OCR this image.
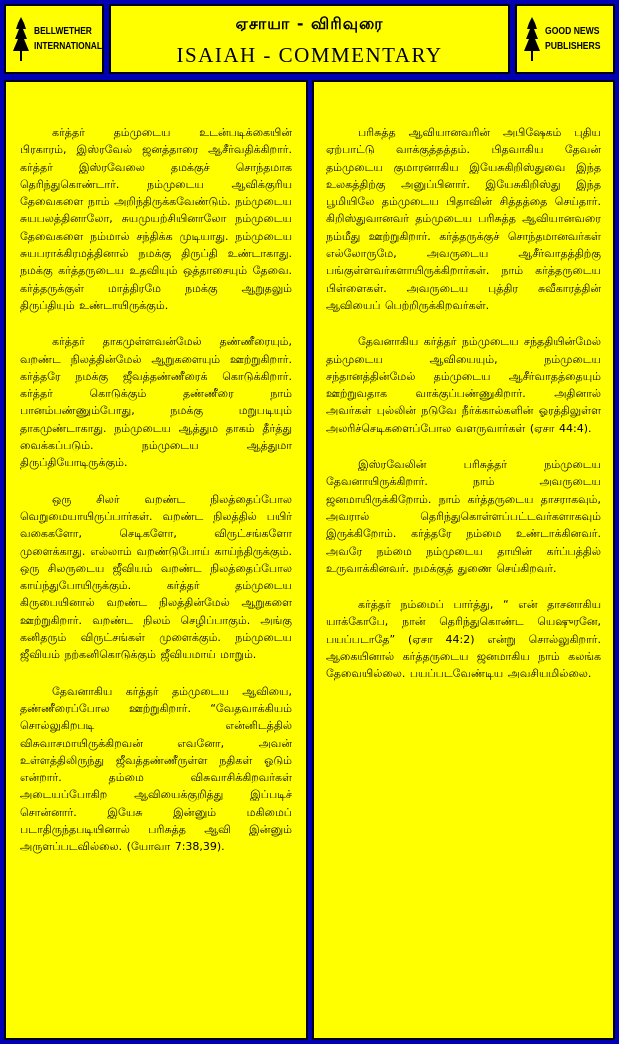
BELLWETHER
INTERNATIONAL
ஏசாயா - விரிவுரை
ISAIAH - COMMENTARY
GOOD NEWS
PUBLISHERS

கர்த்தர் தம்முடைய உடன்படிக்கையின் பிரகாரம், இஸ்ரவேல் ஜனத்தாரை ஆசீர்வதிக்கிறார். கர்த்தர் இஸ்ரவேலை தமக்குச் சொந்தமாக தெரிந்துகொண்டார். நம்முடைய ஆவிக்குரிய தேவைகளை நாம் அறிந்திருக்கவேண்டும். நம்முடைய சுயபலத்தினாலோ, சுயமுயற்சியினாலோ நம்முடைய தேவைகளை நம்மால் சந்திக்க முடியாது. நம்முடைய சுயபராக்கிரமத்தினால் நமக்கு திருப்தி உண்டாகாது. நமக்கு கர்த்தருடைய உதவியும் ஒத்தாசையும் தேவை. கர்த்தருக்குள் மாத்திரமே நமக்கு ஆறுதலும் திருப்தியும் உண்டாயிருக்கும்.

கர்த்தர் தாகமுள்ளவன்மேல் தண்ணீரையும், வறண்ட நிலத்தின்மேல் ஆறுகளையும் ஊற்றுகிறார். கர்த்தரே நமக்கு ஜீவத்தண்ணீரைக் கொடுக்கிறார். கர்த்தர் கொடுக்கும் தண்ணீரை நாம் பானம்பண்ணும்போது, நமக்கு மறுபடியும் தாகமுண்டாகாது. நம்முடைய ஆத்தும தாகம் தீர்த்து வைக்கப்படும். நம்முடைய ஆத்துமா திருப்தியோடிருக்கும்.

ஒரு சிலர் வறண்ட நிலத்தைப்போல வெறுமையாயிருப்பார்கள். வறண்ட நிலத்தில் பயிர் வகைகளோ, செடிகளோ, விருட்சங்களோ முளைக்காது. எல்லாம் வறண்டுபோய் காய்ந்திருக்கும். ஒரு சிலருடைய ஜீவியம் வறண்ட நிலத்தைப்போல காய்ந்துபோயிருக்கும். கர்த்தர் தம்முடைய கிருபையினால் வறண்ட நிலத்தின்மேல் ஆறுகளை ஊற்றுகிறார். வறண்ட நிலம் செழிப்பாகும். அங்கு கனிதரும் விருட்சங்கள் முளைக்கும். நம்முடைய ஜீவியம் நற்கனிகொடுக்கும் ஜீவியமாய் மாறும்.

தேவனாகிய கர்த்தர் தம்முடைய ஆவியை, தண்ணீரைப்போல ஊற்றுகிறார். “வேதவாக்கியம் சொல்லுகிறபடி என்னிடத்தில் விசுவாசமாயிருக்கிறவன் எவனோ, அவன் உள்ளத்திலிருந்து ஜீவத்தண்ணீருள்ள நதிகள் ஓடும் என்றார். தம்மை விசுவாசிக்கிறவர்கள் அடையப்போகிற ஆவியைக்குறித்து இப்படிச் சொன்னார். இயேசு இன்னும் மகிமைப் படாதிருந்தபடியினால் பரிசுத்த ஆவி இன்னும் அருளப்படவில்லை. (யோவா 7:38,39).

பரிசுத்த ஆவியானவரின் அபிஷேகம் புதிய ஏற்பாட்டு வாக்குத்தத்தம். பிதவாகிய தேவன் தம்முடைய குமாரனாகிய இயேசுகிறிஸ்துவை இந்த உலகத்திற்கு அனுப்பினார். இயேசுகிறிஸ்து இந்த பூமியிலே தம்முடைய பிதாவின் சித்தத்தை செய்தார். கிறிஸ்துவானவர் தம்முடைய பரிசுத்த ஆவியானவரை நம்மீது ஊற்றுகிறார். கர்த்தருக்குச் சொந்தமானவர்கள் எல்லோருமே, அவருடைய ஆசீர்வாதத்திற்கு பங்குள்ளவர்களாயிருக்கிறார்கள். நாம் கர்த்தருடைய பிள்ளைகள். அவருடைய புத்திர சுவீகாரத்தின் ஆவியைப் பெற்றிருக்கிறவர்கள்.

தேவனாகிய கர்த்தர் நம்முடைய சந்ததியின்மேல் தம்முடைய ஆவியையும், நம்முடைய சந்தானத்தின்மேல் தம்முடைய ஆசீர்வாதத்தையும் ஊற்றுவதாக வாக்குப்பண்ணுகிறார். அதினால் அவர்கள் புல்லின் நடுவே நீர்க்கால்களின் ஓரத்திலுள்ள அலரிச்செடிகளைப்போல வளருவார்கள் (ஏசா 44:4).

இஸ்ரவேலின் பரிசுத்தர் நம்முடைய தேவனாயிருக்கிறார். நாம் அவருடைய ஜனமாயிருக்கிறோம். நாம் கர்த்தருடைய தாசராகவும், அவரால் தெரிந்துகொள்ளப்பட்டவர்களாகவும் இருக்கிறோம். கர்த்தரே நம்மை உண்டாக்கினவர். அவரே நம்மை நம்முடைய தாயின் கர்ப்பத்தில் உருவாக்கினவர். நமக்குத் துணை செய்கிறவர்.

கர்த்தர் நம்மைப் பார்த்து, “ என் தாசனாகிய யாக்கோபே, நான் தெரிந்துகொண்ட யெஷுரனே, பயப்படாதே” (ஏசா 44:2) என்று சொல்லுகிறார். ஆகையினால் கர்த்தருடைய ஜனமாகிய நாம் கலங்க தேவையில்லை. பயப்படவேண்டிய அவசியமில்லை.
